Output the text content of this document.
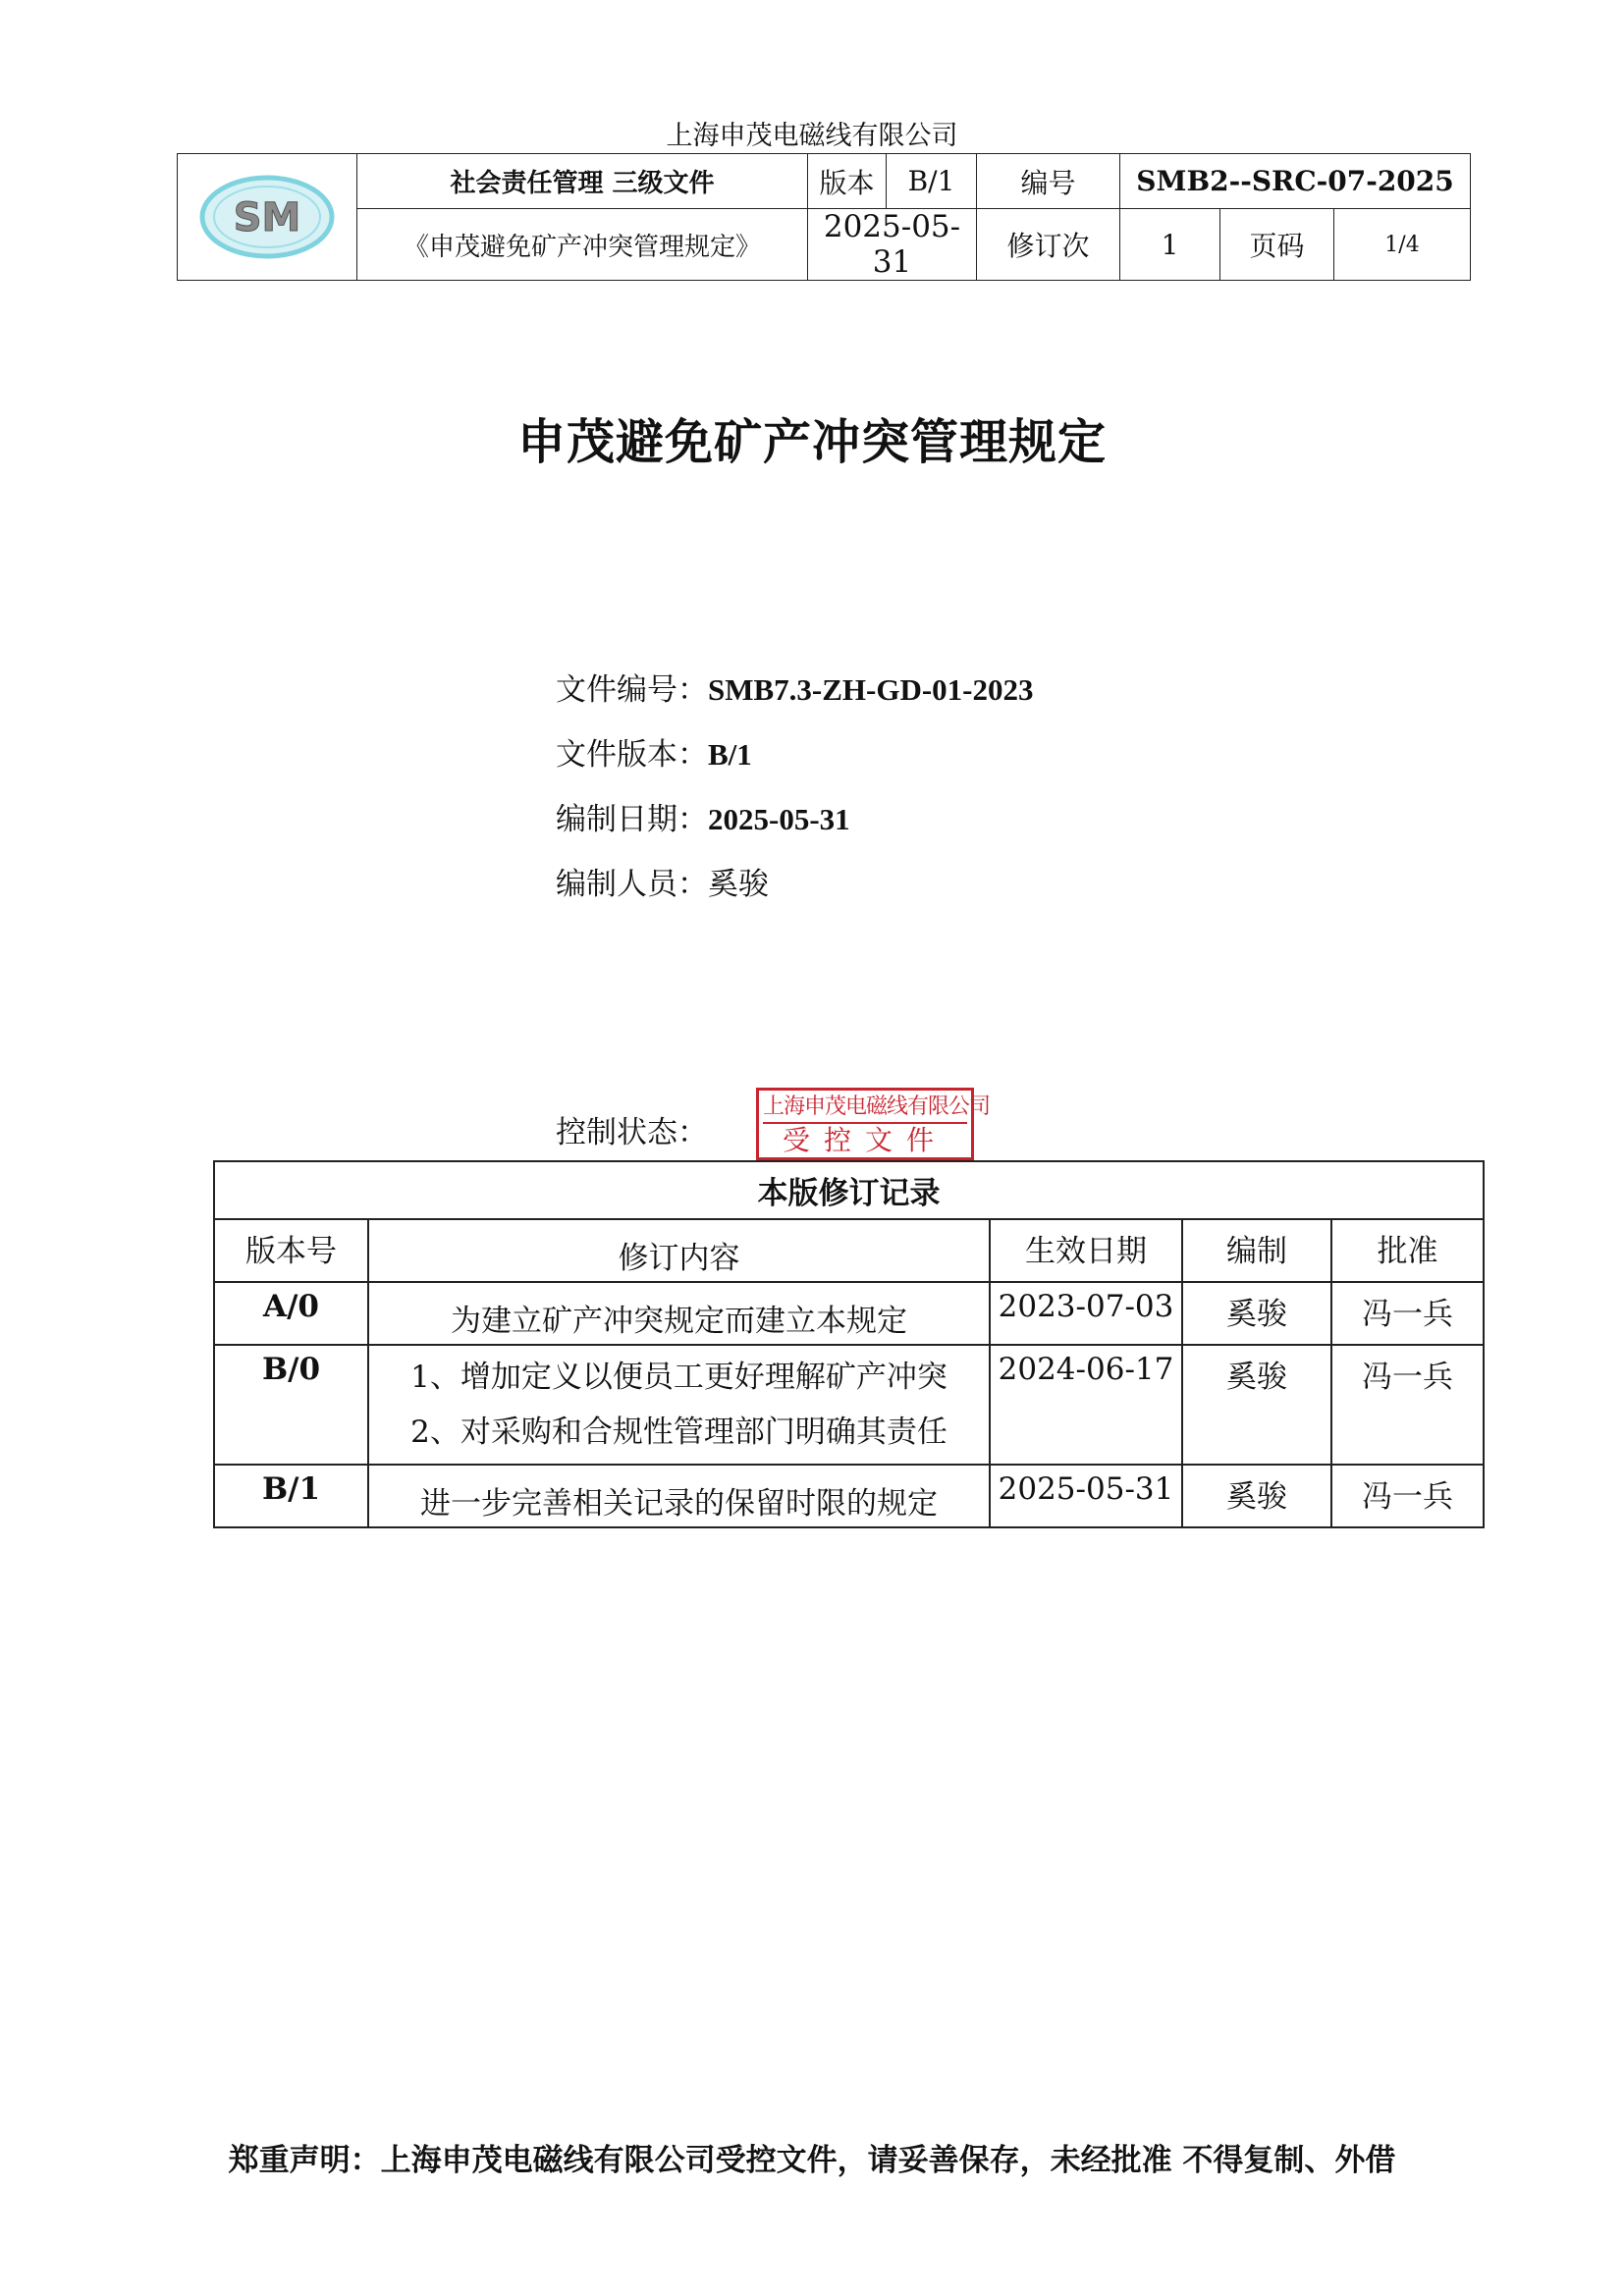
上海申茂电磁线有限公司
SM	社会责任管理 三级文件	版本	B/1	编号	SMB2--SRC-07-2025		
	《申茂避免矿产冲突管理规定》	2025-05-31		修订次	1	页码	1/4
申茂避免矿产冲突管理规定
文件编号：SMB7.3-ZH-GD-01-2023
文件版本：B/1
编制日期：2025-05-31
编制人员：奚骏
控制状态：
上海申茂电磁线有限公司
受控文件
本版修订记录				
版本号	修订内容	生效日期	编制	批准
A/0	为建立矿产冲突规定而建立本规定	2023-07-03	奚骏	冯一兵
B/0	1、增加定义以便员工更好理解矿产冲突
2、对采购和合规性管理部门明确其责任	2024-06-17	奚骏	冯一兵
B/1	进一步完善相关记录的保留时限的规定	2025-05-31	奚骏	冯一兵
郑重声明：上海申茂电磁线有限公司受控文件，请妥善保存，未经批准 不得复制、外借
